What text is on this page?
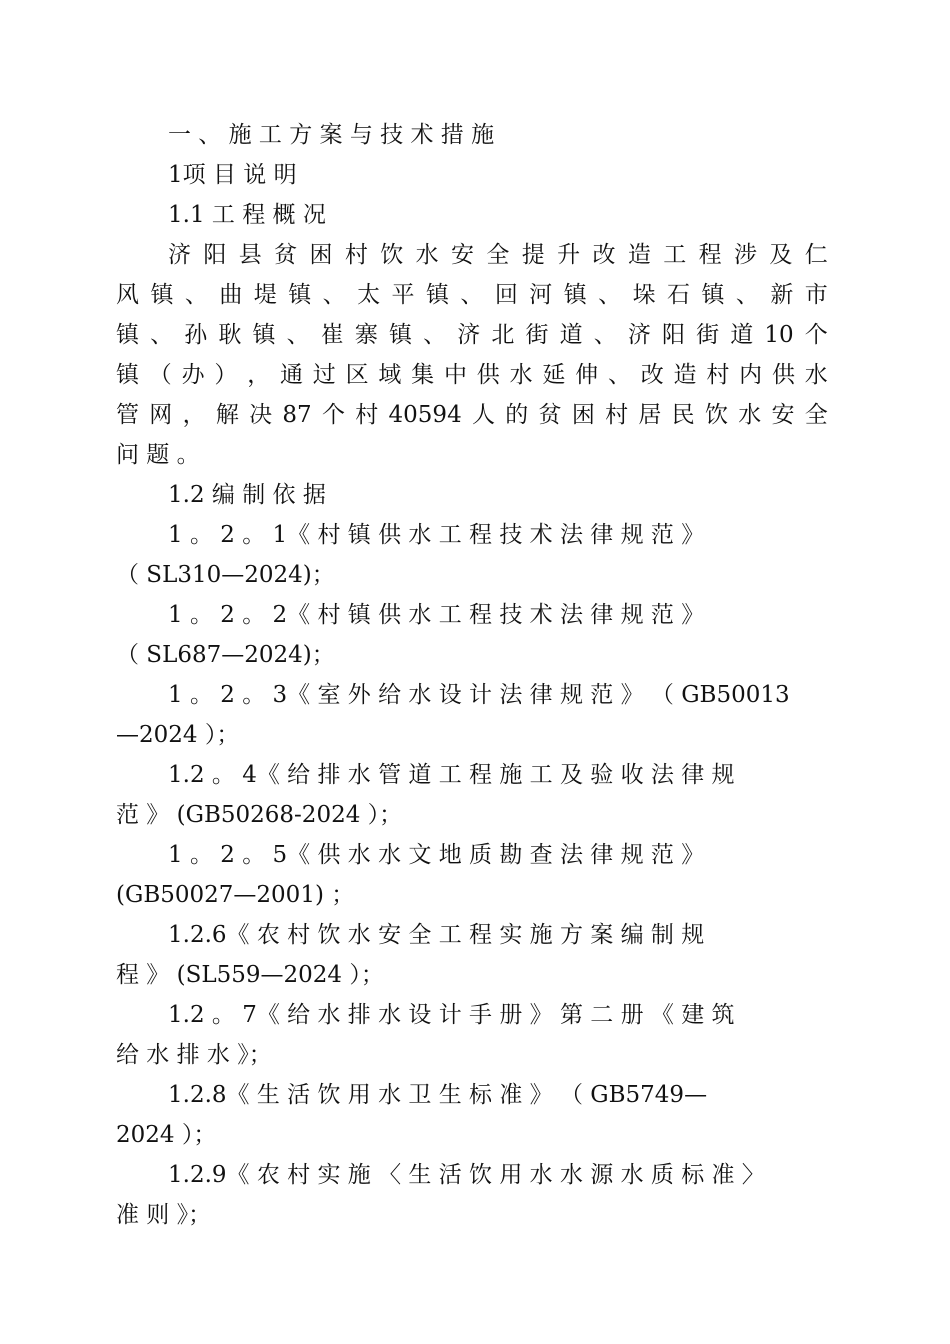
一 、 施 工 方 案 与 技 术 措 施
1项 目 说 明
1.1 工 程 概 况
济 阳 县 贫 困 村 饮 水 安 全 提 升 改 造 工 程 涉 及 仁
风 镇 、 曲 堤 镇 、 太 平 镇 、 回 河 镇 、 垛 石 镇 、 新 市
镇 、 孙 耿 镇 、 崔 寨 镇 、 济 北 街 道 、 济 阳 街 道 10 个
镇 （ 办 ） ， 通 过 区 域 集 中 供 水 延 伸 、 改 造 村 内 供 水
管 网 ， 解 决 87 个 村 40594 人 的 贫 困 村 居 民 饮 水 安 全
问 题 。
1.2 编 制 依 据
1 。 2 。 1《 村 镇 供 水 工 程 技 术 法 律 规 范 》
（ SL310—2024)；
1 。 2 。 2《 村 镇 供 水 工 程 技 术 法 律 规 范 》
（ SL687—2024)；
1 。 2 。 3《 室 外 给 水 设 计 法 律 规 范 》 （ GB50013
—2024 ）；
1.2 。 4《 给 排 水 管 道 工 程 施 工 及 验 收 法 律 规
范 》 (GB50268-2024 ）；
1 。 2 。 5《 供 水 水 文 地 质 勘 查 法 律 规 范 》
(GB50027—2001) ；
1.2.6《 农 村 饮 水 安 全 工 程 实 施 方 案 编 制 规
程 》 (SL559—2024 ）；
1.2 。 7《 给 水 排 水 设 计 手 册 》 第 二 册 《 建 筑
给 水 排 水 》；
1.2.8《 生 活 饮 用 水 卫 生 标 准 》 （ GB5749—
2024 ）；
1.2.9《 农 村 实 施 〈 生 活 饮 用 水 水 源 水 质 标 准 〉
准 则 》；
